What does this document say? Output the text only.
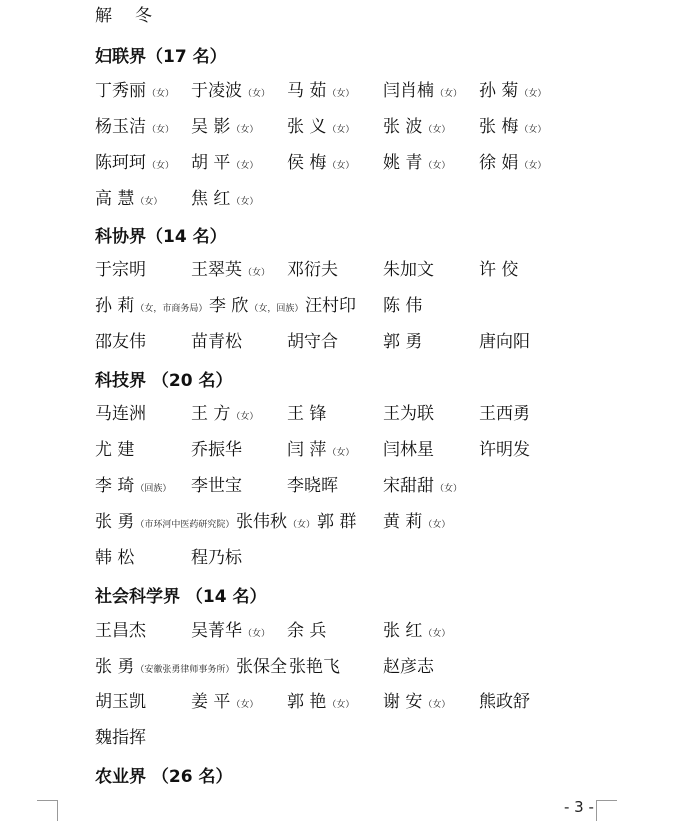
解 冬
妇联界（17 名）
丁秀丽（女） 于凌波（女） 马 茹（女） 闫肖楠（女） 孙 菊（女）
杨玉洁（女） 吴 影（女） 张 义（女） 张 波（女） 张 梅（女）
陈珂珂（女） 胡 平（女） 侯 梅（女） 姚 青（女） 徐 娟（女）
高 慧（女） 焦 红（女）
科协界（14 名）
于宗明	王翠英（女） 邓衍夫	朱加文	许 佼
孙 莉（女，市商务局） 李 欣（女，回族） 汪村印 陈 伟
邵友伟	苗青松	胡守合	郭 勇	唐向阳
科技界 （20 名）
马连洲	王 方（女） 王 锋	王为联	王西勇
尤 建	乔振华	闫 萍（女） 闫林星	许明发
李 琦（回族） 李世宝	李晓晖	宋甜甜（女）
张 勇（市环河中医药研究院） 张伟秋（女） 郭 群 黄 莉（女）
韩 松	程乃标
社会科学界 （14 名）
王昌杰	吴菁华（女） 余 兵	张 红（女）
张 勇（安徽张勇律师事务所） 张保全 张艳飞	赵彦志
胡玉凯	姜 平（女） 郭 艳（女） 谢 安（女） 熊政舒
魏指挥
农业界 （26 名）
- 3 -
